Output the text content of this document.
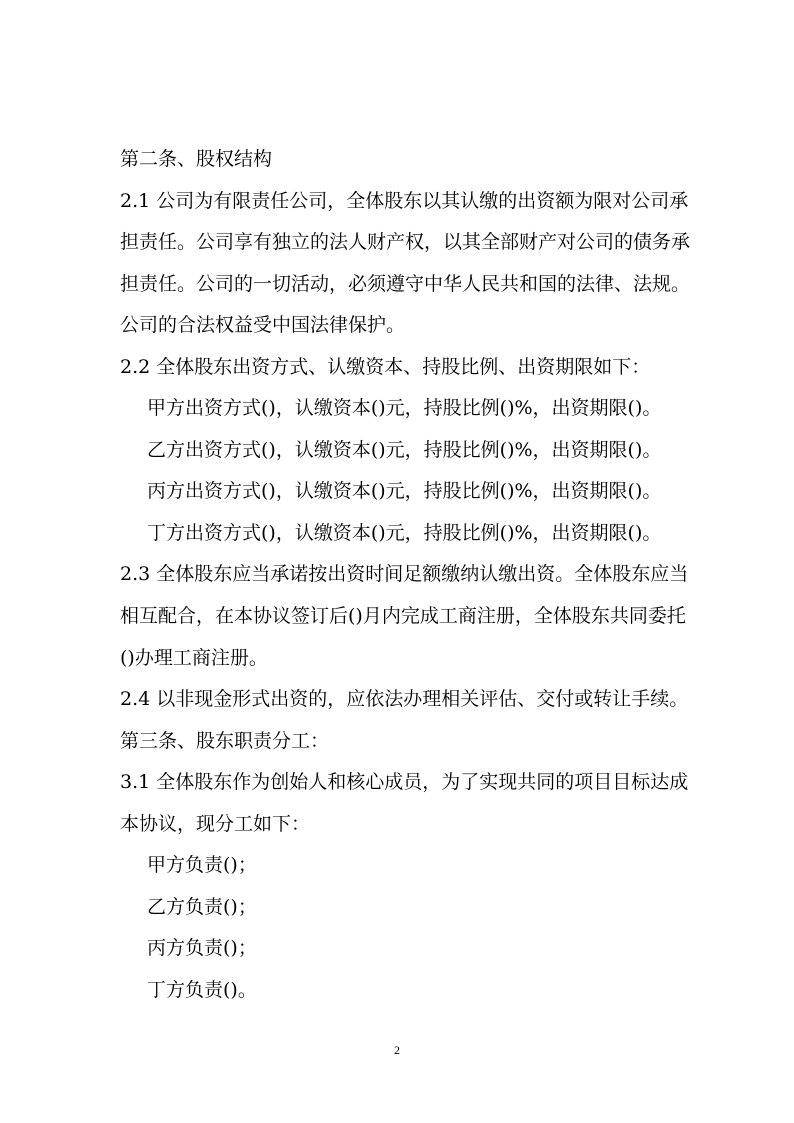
第二条、股权结构
2.1 公司为有限责任公司，全体股东以其认缴的出资额为限对公司承
担责任。公司享有独立的法人财产权，以其全部财产对公司的债务承
担责任。公司的一切活动，必须遵守中华人民共和国的法律、法规。
公司的合法权益受中国法律保护。
2.2 全体股东出资方式、认缴资本、持股比例、出资期限如下：
甲方出资方式()，认缴资本()元，持股比例()%，出资期限()。
乙方出资方式()，认缴资本()元，持股比例()%，出资期限()。
丙方出资方式()，认缴资本()元，持股比例()%，出资期限()。
丁方出资方式()，认缴资本()元，持股比例()%，出资期限()。
2.3 全体股东应当承诺按出资时间足额缴纳认缴出资。全体股东应当
相互配合，在本协议签订后()月内完成工商注册，全体股东共同委托
()办理工商注册。
2.4 以非现金形式出资的，应依法办理相关评估、交付或转让手续。
第三条、股东职责分工：
3.1 全体股东作为创始人和核心成员，为了实现共同的项目目标达成
本协议，现分工如下：
甲方负责()；
乙方负责()；
丙方负责()；
丁方负责()。
2
